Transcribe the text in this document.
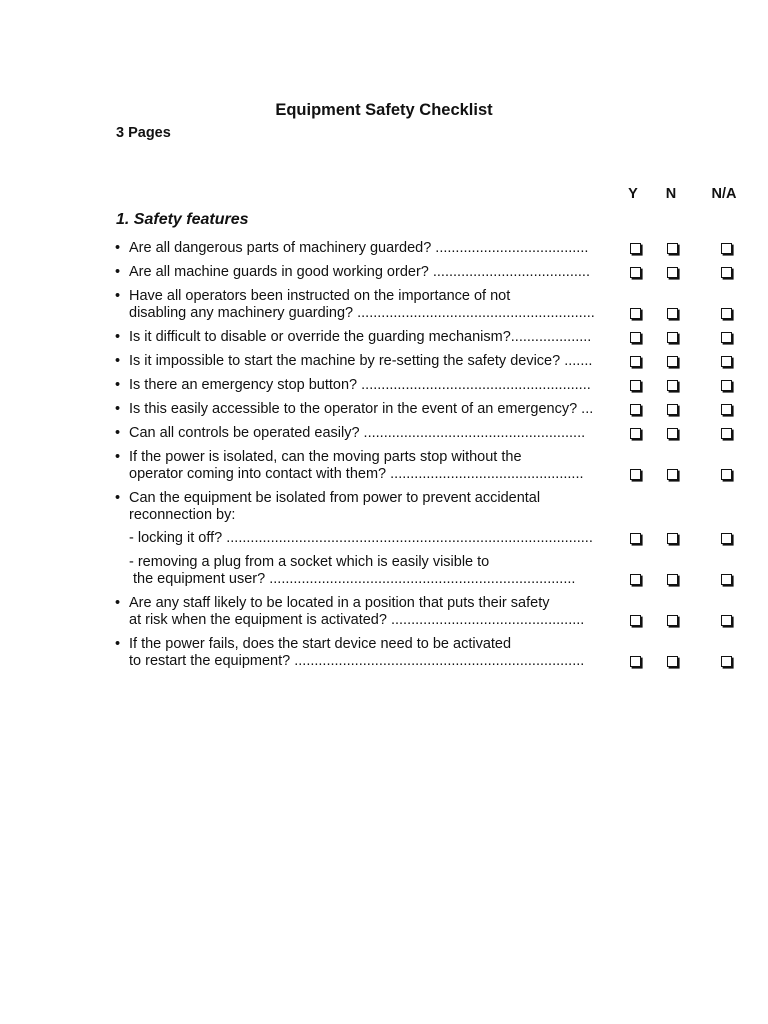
Equipment Safety Checklist
3 Pages
Y	N	N/A
1. Safety features
• Are all dangerous parts of machinery guarded? ......................................
• Are all machine guards in good working order? .......................................
• Have all operators been instructed on the importance of not
disabling any machinery guarding? ...........................................................
• Is it difficult to disable or override the guarding mechanism?....................
• Is it impossible to start the machine by re-setting the safety device? .......
• Is there an emergency stop button? .........................................................
• Is this easily accessible to the operator in the event of an emergency? ...
• Can all controls be operated easily? .......................................................
• If the power is isolated, can the moving parts stop without the
operator coming into contact with them? ................................................
• Can the equipment be isolated from power to prevent accidental
reconnection by:
- locking it off? ...........................................................................................
- removing a plug from a socket which is easily visible to
the equipment user? ............................................................................
• Are any staff likely to be located in a position that puts their safety
at risk when the equipment is activated? ................................................
• If the power fails, does the start device need to be activated
to restart the equipment? ........................................................................
